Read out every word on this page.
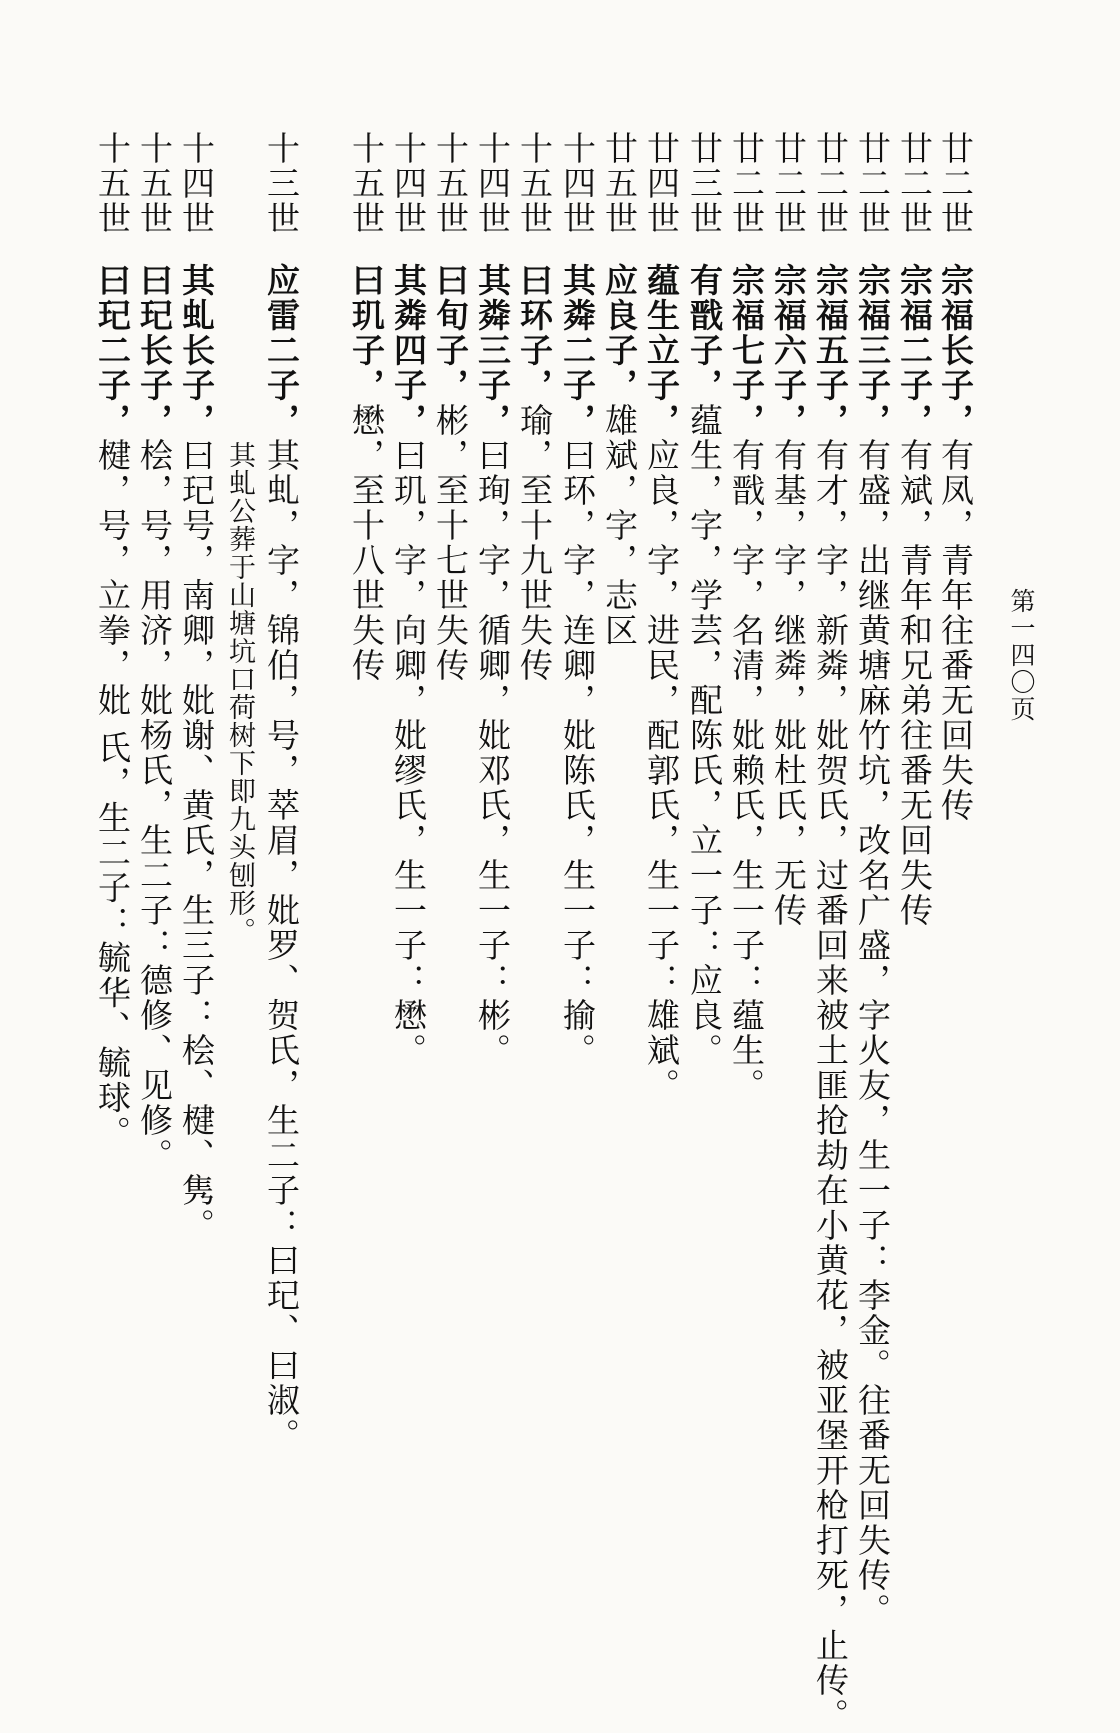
第一四〇页
廿二世宗福长子，有凤，青年往番无回失传
廿二世宗福二子，有斌，青年和兄弟往番无回失传
廿二世宗福三子，有盛，出继黄塘麻竹坑，改名广盛，字火友，生一子：李金。往番无回失传。
廿二世宗福五子，有才，字，新粦，妣贺氏，过番回来被土匪抢劫在小黄花，被亚堡开枪打死，止传。
廿二世宗福六子，有基，字，继粦，妣杜氏，无传
廿二世宗福七子，有戬，字，名清，妣赖氏，生一子：蕴生。
廿三世有戬子，蕴生，字，学芸，配陈氏，立一子：应良。
廿四世蕴生立子，应良，字，进民，配郭氏，生一子：雄斌。
廿五世应良子，雄斌，字，志区
十四世其粦二子，曰环，字，连卿，妣陈氏，生一子：揄。
十五世曰环子，瑜，至十九世失传
十四世其粦三子，曰珣，字，循卿，妣邓氏，生一子：彬。
十五世曰旬子，彬，至十七世失传
十四世其粦四子，曰玑，字，向卿，妣缪氏，生一子：懋。
十五世曰玑子，懋，至十八世失传
十三世应雷二子，其虬，字，锦伯，号，萃眉，妣罗、贺氏，生二子：曰玘、曰淑。
其虬公葬于山塘坑口荷树下即九头刨形。
十四世其虬长子，曰玘号，南卿，妣谢、黄氏，生三子：桧、楗、隽。
十五世曰玘长子，桧，号，用济，妣杨氏，生二子：德修、见修。
十五世曰玘二子，楗，号，立拳，妣 氏，生二子：毓华、毓球。
